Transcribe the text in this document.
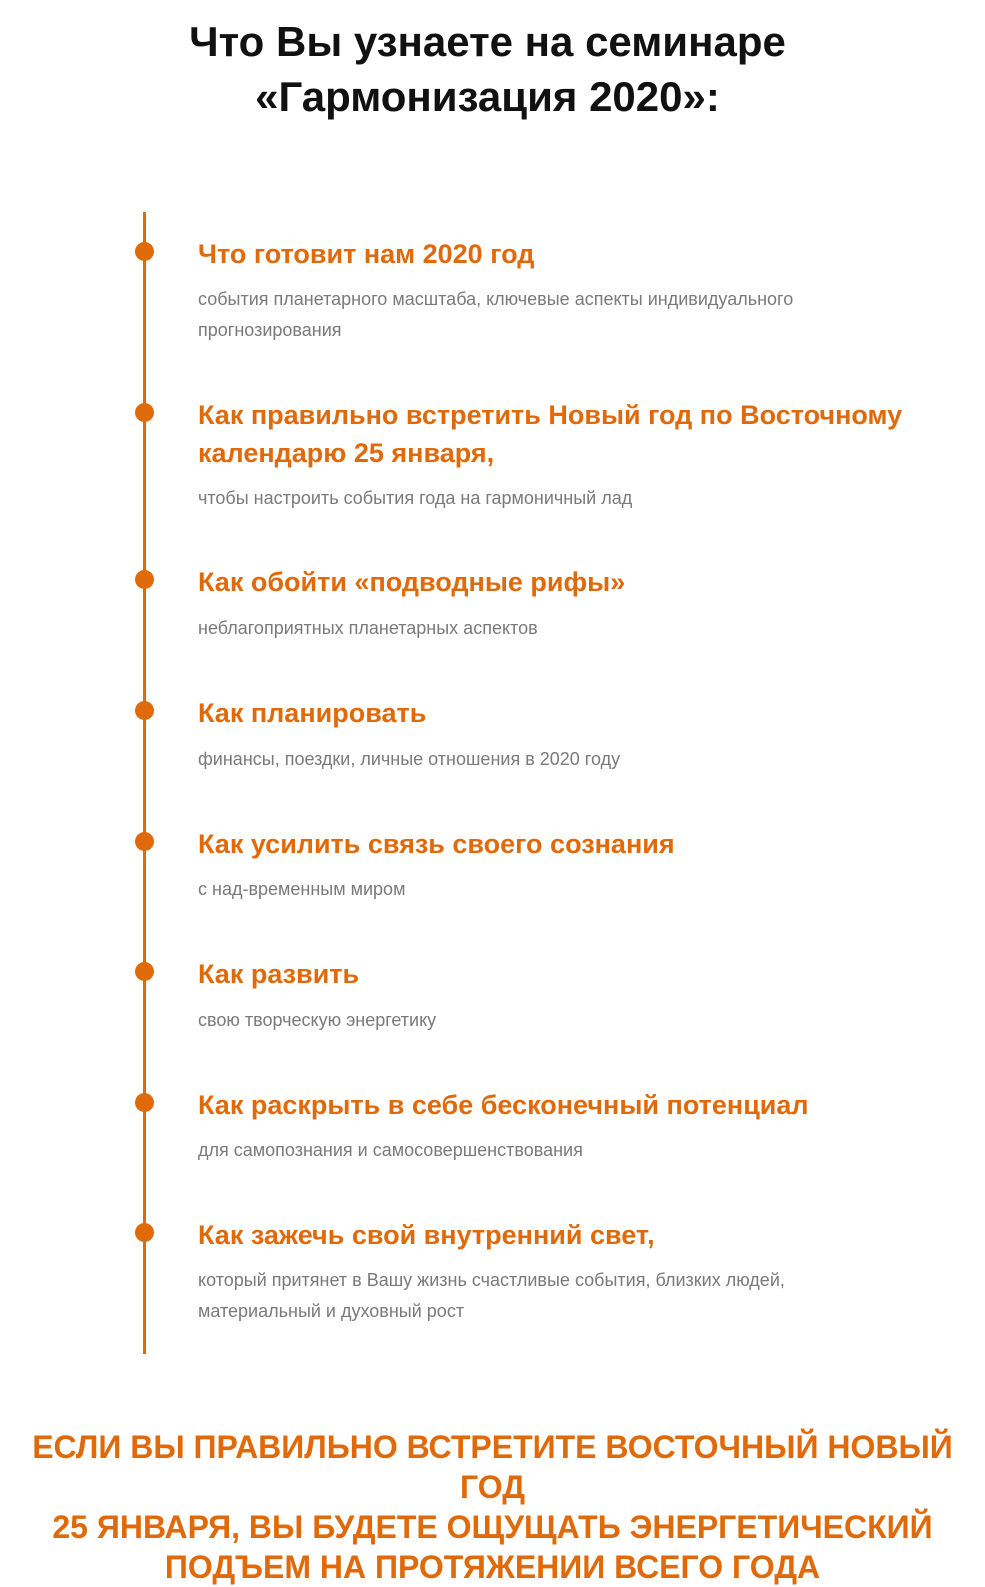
Что Вы узнаете на семинаре
«Гармонизация 2020»:
Что готовит нам 2020 год

события планетарного масштаба, ключевые аспекты индивидуального прогнозирования

Как правильно встретить Новый год по Восточному календарю 25 января,

чтобы настроить события года на гармоничный лад

Как обойти «подводные рифы»

неблагоприятных планетарных аспектов

Как планировать

финансы, поездки, личные отношения в 2020 году

Как усилить связь своего сознания

с над-временным миром

Как развить

свою творческую энергетику

Как раскрыть в себе бесконечный потенциал

для самопознания и самосовершенствования

Как зажечь свой внутренний свет,

который притянет в Вашу жизнь счастливые события, близких людей, материальный и духовный рост

ЕСЛИ ВЫ ПРАВИЛЬНО ВСТРЕТИТЕ ВОСТОЧНЫЙ НОВЫЙ ГОД
25 ЯНВАРЯ, ВЫ БУДЕТЕ ОЩУЩАТЬ ЭНЕРГЕТИЧЕСКИЙ
ПОДЪЕМ НА ПРОТЯЖЕНИИ ВСЕГО ГОДА
